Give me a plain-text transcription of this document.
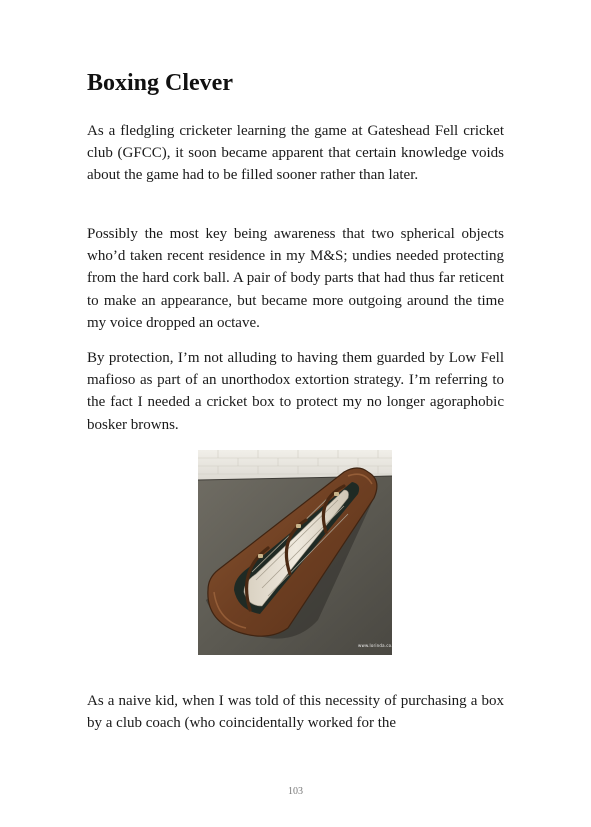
Boxing Clever

As a fledgling cricketer learning the game at Gateshead Fell cricket club (GFCC), it soon became apparent that certain knowledge voids about the game had to be filled sooner rather than later.

Possibly the most key being awareness that two spherical objects who’d taken recent residence in my M&S; undies needed protecting from the hard cork ball. A pair of body parts that had thus far reticent to make an appearance, but became more outgoing around the time my voice dropped an octave.

By protection, I’m not alluding to having them guarded by Low Fell mafioso as part of an unorthodox extortion strategy. I’m referring to the fact I needed a cricket box to protect my no longer agoraphobic bosker browns.

www.lorinda.co.uk

As a naive kid, when I was told of this necessity of purchasing a box by a club coach (who coincidentally worked for the

103
